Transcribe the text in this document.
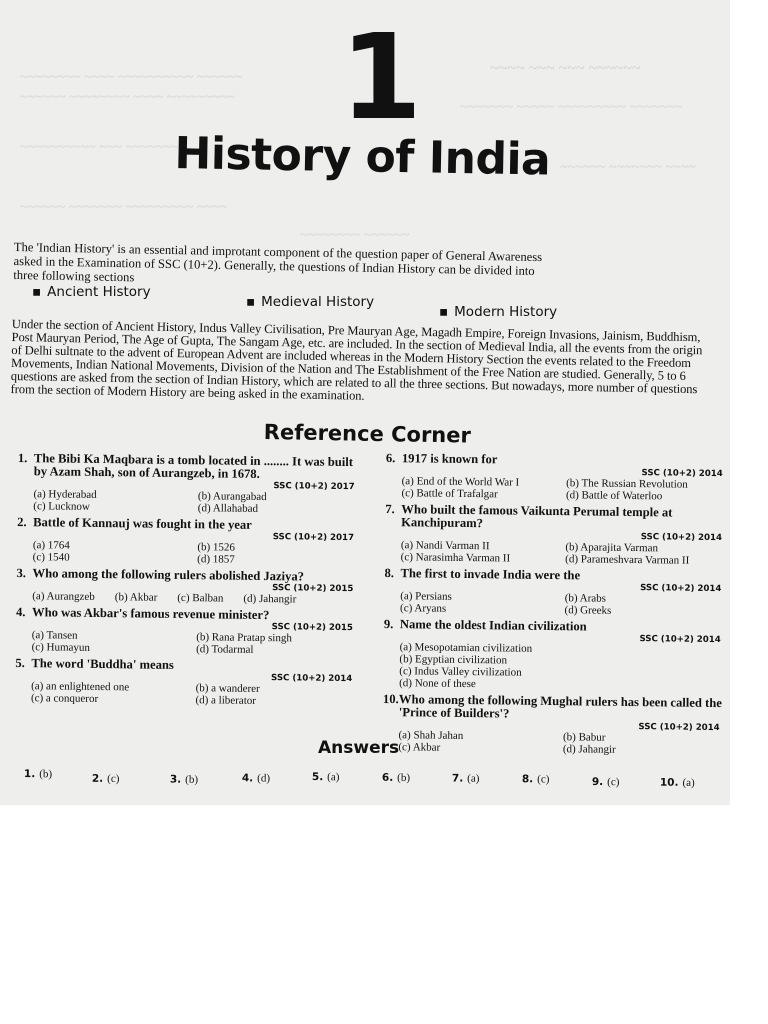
~~~~ ~~~ ~~~ ~~~~~~
~~~~~~~~ ~~~~ ~~~~~~~~~~ ~~~~~~
~~~~~~ ~~~~~~~~ ~~~~ ~~~~~~~~~
~~~~~~~ ~~~~~ ~~~~~~~~~ ~~~~~~~
~~~~~~~~~~ ~~~ ~~~~~~~
~~~~~~ ~~~~~~~ ~~~~
~~~~~~ ~~~~~~~ ~~~~~~~~~ ~~~~
~~~~~~~~ ~~~~~~
1
History of India
The 'Indian History' is an essential and improtant component of the question paper of General Awareness asked in the Examination of SSC (10+2). Generally, the questions of Indian History can be divided into three following sections
▪ Ancient History
▪ Medieval History
▪ Modern History
Under the section of Ancient History, Indus Valley Civilisation, Pre Mauryan Age, Magadh Empire, Foreign Invasions, Jainism, Buddhism, Post Mauryan Period, The Age of Gupta, The Sangam Age, etc. are included. In the section of Medieval India, all the events from the origin of Delhi sultnate to the advent of European Advent are included whereas in the Modern History Section the events related to the Freedom Movements, Indian National Movements, Division of the Nation and The Establishment of the Free Nation are studied. Generally, 5 to 6 questions are asked from the section of Indian History, which are related to all the three sections. But nowadays, more number of questions from the section of Modern History are being asked in the examination.
Reference Corner
1. The Bibi Ka Maqbara is a tomb located in ........ It was built by Azam Shah, son of Aurangzeb, in 1678.
SSC (10+2) 2017
(a) Hyderabad	(b) Aurangabad
(c) Lucknow	(d) Allahabad
2. Battle of Kannauj was fought in the year
SSC (10+2) 2017
(a) 1764	(b) 1526
(c) 1540	(d) 1857
3. Who among the following rulers abolished Jaziya?
SSC (10+2) 2015
(a) Aurangzeb (b) Akbar (c) Balban (d) Jahangir
4. Who was Akbar's famous revenue minister?
SSC (10+2) 2015
(a) Tansen	(b) Rana Pratap singh
(c) Humayun	(d) Todarmal
5. The word 'Buddha' means
SSC (10+2) 2014
(a) an enlightened one	(b) a wanderer
(c) a conqueror	(d) a liberator
6. 1917 is known for
SSC (10+2) 2014
(a) End of the World War I	(b) The Russian Revolution
(c) Battle of Trafalgar	(d) Battle of Waterloo
7. Who built the famous Vaikunta Perumal temple at Kanchipuram?
SSC (10+2) 2014
(a) Nandi Varman II	(b) Aparajita Varman
(c) Narasimha Varman II	(d) Parameshvara Varman II
8. The first to invade India were the
SSC (10+2) 2014
(a) Persians	(b) Arabs
(c) Aryans	(d) Greeks
9. Name the oldest Indian civilization
SSC (10+2) 2014
(a) Mesopotamian civilization
(b) Egyptian civilization
(c) Indus Valley civilization
(d) None of these
10.Who among the following Mughal rulers has been called the 'Prince of Builders'?
SSC (10+2) 2014
(a) Shah Jahan	(b) Babur
(c) Akbar	(d) Jahangir
Answers
1. (b)	2. (c)	3. (b)	4. (d)	5. (a)	6. (b)	7. (a)	8. (c)	9. (c)	10. (a)
